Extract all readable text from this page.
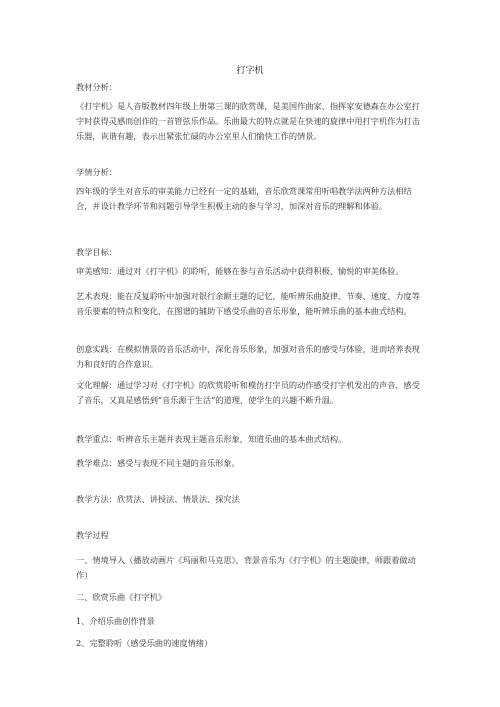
打字机
教材分析：
《打字机》是人音版教材四年级上册第三课的欣赏课，是美国作曲家、指挥家安德森在办公室打字时获得灵感而创作的一首管弦乐作品。乐曲最大的特点就是在快速的旋律中用打字机作为打击乐器，诙谐有趣，表示出紧张忙碌的办公室里人们愉快工作的情景。
学情分析：
四年级的学生对音乐的审美能力已经有一定的基础，音乐欣赏课常用听唱教学法两种方法相结合，并设计教学环节和问题引导学生积极主动的参与学习，加深对音乐的理解和体验。
教学目标：
审美感知：通过对《打字机》的聆听，能够在参与音乐活动中获得积极、愉悦的审美体验。
艺术表现：能在反复聆听中加强对银行余额主题的记忆，能听辨乐曲旋律、节奏、速度、力度等音乐要素的特点和变化，在图谱的辅助下感受乐曲的音乐形象，能听辨乐曲的基本曲式结构。
创意实践：在模拟情景的音乐活动中，深化音乐形象，加强对音乐的感受与体验，进而培养表现力和良好的合作意识。
文化理解：通过学习对《打字机》的欣赏聆听和模仿打字员的动作感受打字机发出的声音，感受了音乐，又真是感悟到“音乐源于生活”的道理，使学生的兴趣不断升温。
教学重点：听辨音乐主题并表现主题音乐形象，知道乐曲的基本曲式结构。
教学难点：感受与表现不同主题的音乐形象。
教学方法：欣赏法、讲授法、情景法、探究法
教学过程
一、情境导入（播放动画片《玛丽和马克思》，背景音乐为《打字机》的主题旋律，师跟着做动作）
二、欣赏乐曲《打字机》
1、介绍乐曲创作背景
2、完整聆听（感受乐曲的速度情绪）
